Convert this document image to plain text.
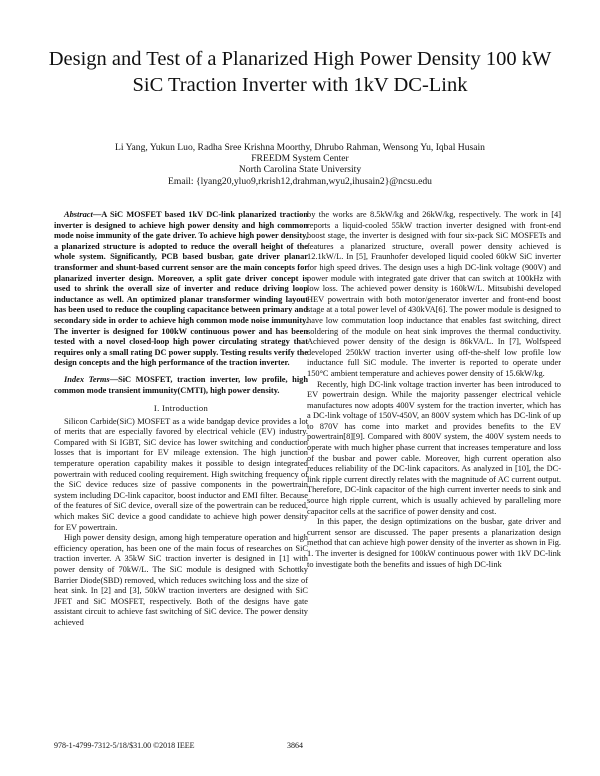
Design and Test of a Planarized High Power Density 100 kW SiC Traction Inverter with 1kV DC-Link
Li Yang, Yukun Luo, Radha Sree Krishna Moorthy, Dhrubo Rahman, Wensong Yu, Iqbal Husain
FREEDM System Center
North Carolina State University
Email: {lyang20,yluo9,rkrish12,drahman,wyu2,ihusain2}@ncsu.edu

Abstract—A SiC MOSFET based 1kV DC-link planarized traction inverter is designed to achieve high power density and high common mode noise immunity of the gate driver. To achieve high power density, a planarized structure is adopted to reduce the overall height of the whole system. Significantly, PCB based busbar, gate driver planar transformer and shunt-based current sensor are the main concepts for planarized inverter design. Moreover, a split gate driver concept is used to shrink the overall size of inverter and reduce driving loop inductance as well. An optimized planar transformer winding layout has been used to reduce the coupling capacitance between primary and secondary side in order to achieve high common mode noise immunity. The inverter is designed for 100kW continuous power and has been tested with a novel closed-loop high power circulating strategy that requires only a small rating DC power supply. Testing results verify the design concepts and the high performance of the traction inverter.

Index Terms—SiC MOSFET, traction inverter, low profile, high common mode transient immunity(CMTI), high power density.

I. Introduction

Silicon Carbide(SiC) MOSFET as a wide bandgap device provides a lot of merits that are especially favored by electrical vehicle (EV) industry. Compared with Si IGBT, SiC device has lower switching and conduction losses that is important for EV mileage extension. The high junction temperature operation capability makes it possible to design integrated powertrain with reduced cooling requirement. High switching frequency of the SiC device reduces size of passive components in the powertrain system including DC-link capacitor, boost inductor and EMI filter. Because of the features of SiC device, overall size of the powertrain can be reduced, which makes SiC device a good candidate to achieve high power density for EV powertrain.

High power density design, among high temperature operation and high efficiency operation, has been one of the main focus of researches on SiC traction inverter. A 35kW SiC traction inverter is designed in [1] with power density of 70kW/L. The SiC module is designed with Schottky Barrier Diode(SBD) removed, which reduces switching loss and the size of heat sink. In [2] and [3], 50kW traction inverters are designed with SiC JFET and SiC MOSFET, respectively. Both of the designs have gate assistant circuit to achieve fast switching of SiC device. The power density achieved

by the works are 8.5kW/kg and 26kW/kg, respectively. The work in [4] reports a liquid-cooled 55kW traction inverter designed with front-end boost stage, the inverter is designed with four six-pack SiC MOSFETs and features a planarized structure, overall power density achieved is 12.1kW/L. In [5], Fraunhofer developed liquid cooled 60kW SiC inverter for high speed drives. The design uses a high DC-link voltage (900V) and power module with integrated gate driver that can switch at 100kHz with low loss. The achieved power density is 160kW/L. Mitsubishi developed HEV powertrain with both motor/generator inverter and front-end boost stage at a total power level of 430kVA[6]. The power module is designed to have low commutation loop inductance that enables fast switching, direct soldering of the module on heat sink improves the thermal conductivity. Achieved power density of the design is 86kVA/L. In [7], Wolfspeed developed 250kW traction inverter using off-the-shelf low profile low inductance full SiC module. The inverter is reported to operate under 150°C ambient temperature and achieves power density of 15.6kW/kg.

Recently, high DC-link voltage traction inverter has been introduced to EV powertrain design. While the majority passenger electrical vehicle manufactures now adopts 400V system for the traction inverter, which has a DC-link voltage of 150V-450V, an 800V system which has DC-link of up to 870V has come into market and provides benefits to the EV powertrain[8][9]. Compared with 800V system, the 400V system needs to operate with much higher phase current that increases temperature and loss of the busbar and power cable. Moreover, high current operation also reduces reliability of the DC-link capacitors. As analyzed in [10], the DC-link ripple current directly relates with the magnitude of AC current output. Therefore, DC-link capacitor of the high current inverter needs to sink and source high ripple current, which is usually achieved by paralleling more capacitor cells at the sacrifice of power density and cost.

In this paper, the design optimizations on the busbar, gate driver and current sensor are discussed. The paper presents a planarization design method that can achieve high power density of the inverter as shown in Fig. 1. The inverter is designed for 100kW continuous power with 1kV DC-link to investigate both the benefits and issues of high DC-link

978-1-4799-7312-5/18/$31.00 ©2018 IEEE	3864
